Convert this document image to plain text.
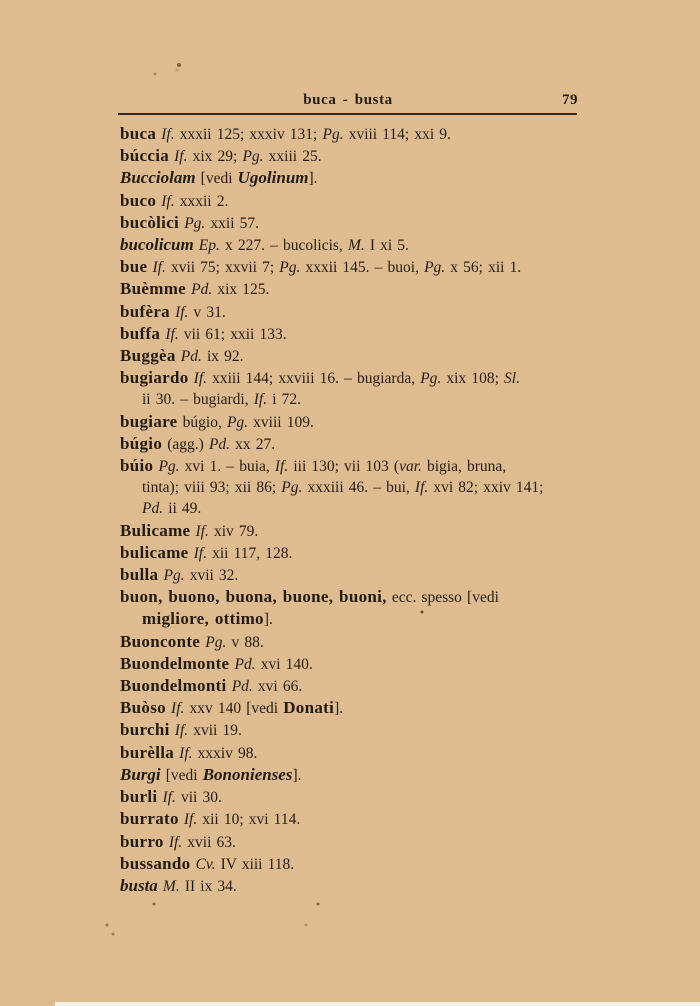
buca - busta	79

buca If. xxxii 125; xxxiv 131; Pg. xviii 114; xxi 9.

búccia If. xix 29; Pg. xxiii 25.

Bucciolam [vedi Ugolinum].

buco If. xxxii 2.

bucòlici Pg. xxii 57.

bucolicum Ep. x 227. – bucolicis, M. I xi 5.

bue If. xvii 75; xxvii 7; Pg. xxxii 145. – buoi, Pg. x 56; xii 1.

Buèmme Pd. xix 125.

bufèra If. v 31.

buffa If. vii 61; xxii 133.

Buggèa Pd. ix 92.

bugiardo If. xxiii 144; xxviii 16. – bugiarda, Pg. xix 108; Sl.
ii 30. – bugiardi, If. i 72.

bugiare búgio, Pg. xviii 109.

búgio (agg.) Pd. xx 27.

búio Pg. xvi 1. – buia, If. iii 130; vii 103 (var. bigia, bruna,
tinta); viii 93; xii 86; Pg. xxxiii 46. – bui, If. xvi 82; xxiv 141;
Pd. ii 49.

Bulicame If. xiv 79.

bulicame If. xii 117, 128.

bulla Pg. xvii 32.

buon, buono, buona, buone, buoni, ecc. spesso [vedi
migliore, ottimo].

Buonconte Pg. v 88.

Buondelmonte Pd. xvi 140.

Buondelmonti Pd. xvi 66.

Buòso If. xxv 140 [vedi Donati].

burchi If. xvii 19.

burèlla If. xxxiv 98.

Burgi [vedi Bononienses].

burli If. vii 30.

burrato If. xii 10; xvi 114.

burro If. xvii 63.

bussando Cv. IV xiii 118.

busta M. II ix 34.
